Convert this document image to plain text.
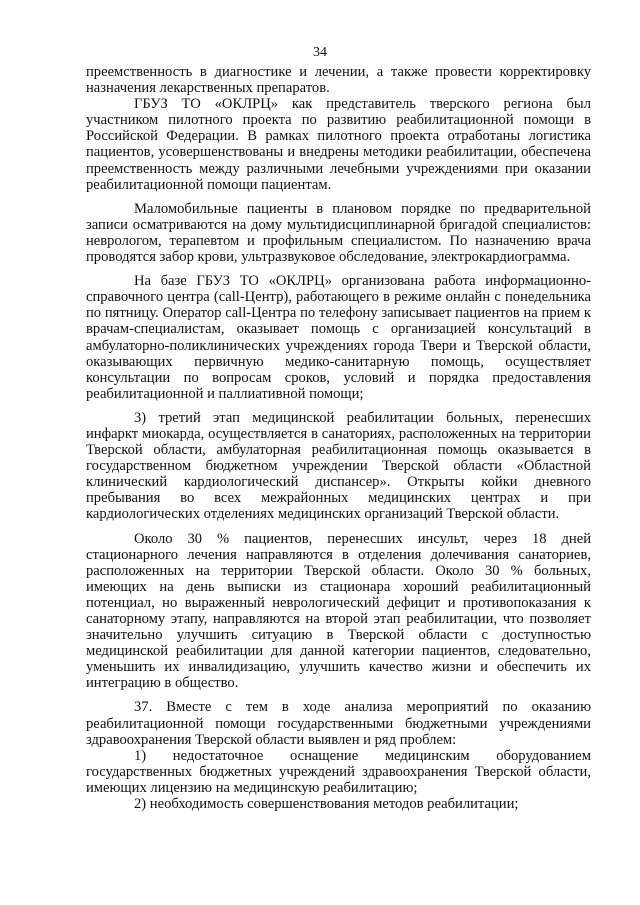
34

преемственность в диагностике и лечении, а также провести корректировку назначения лекарственных препаратов.

ГБУЗ ТО «ОКЛРЦ» как представитель тверского региона был участником пилотного проекта по развитию реабилитационной помощи в Российской Федерации. В рамках пилотного проекта отработаны логистика пациентов, усовершенствованы и внедрены методики реабилитации, обеспечена преемственность между различными лечебными учреждениями при оказании реабилитационной помощи пациентам.

Маломобильные пациенты в плановом порядке по предварительной записи осматриваются на дому мультидисциплинарной бригадой специалистов: неврологом, терапевтом и профильным специалистом. По назначению врача проводятся забор крови, ультразвуковое обследование, электрокардиограмма.

На базе ГБУЗ ТО «ОКЛРЦ» организована работа информационно-справочного центра (call-Центр), работающего в режиме онлайн с понедельника по пятницу. Оператор call-Центра по телефону записывает пациентов на прием к врачам-специалистам, оказывает помощь с организацией консультаций в амбулаторно-поликлинических учреждениях города Твери и Тверской области, оказывающих первичную медико-санитарную помощь, осуществляет консультации по вопросам сроков, условий и порядка предоставления реабилитационной и паллиативной помощи;

3) третий этап медицинской реабилитации больных, перенесших инфаркт миокарда, осуществляется в санаториях, расположенных на территории Тверской области, амбулаторная реабилитационная помощь оказывается в государственном бюджетном учреждении Тверской области «Областной клинический кардиологический диспансер». Открыты койки дневного пребывания во всех межрайонных медицинских центрах и при кардиологических отделениях медицинских организаций Тверской области.

Около 30 % пациентов, перенесших инсульт, через 18 дней стационарного лечения направляются в отделения долечивания санаториев, расположенных на территории Тверской области. Около 30 % больных, имеющих на день выписки из стационара хороший реабилитационный потенциал, но выраженный неврологический дефицит и противопоказания к санаторному этапу, направляются на второй этап реабилитации, что позволяет значительно улучшить ситуацию в Тверской области с доступностью медицинской реабилитации для данной категории пациентов, следовательно, уменьшить их инвалидизацию, улучшить качество жизни и обеспечить их интеграцию в общество.

37. Вместе с тем в ходе анализа мероприятий по оказанию реабилитационной помощи государственными бюджетными учреждениями здравоохранения Тверской области выявлен и ряд проблем:

1) недостаточное оснащение медицинским оборудованием государственных бюджетных учреждений здравоохранения Тверской области, имеющих лицензию на медицинскую реабилитацию;

2) необходимость совершенствования методов реабилитации;
